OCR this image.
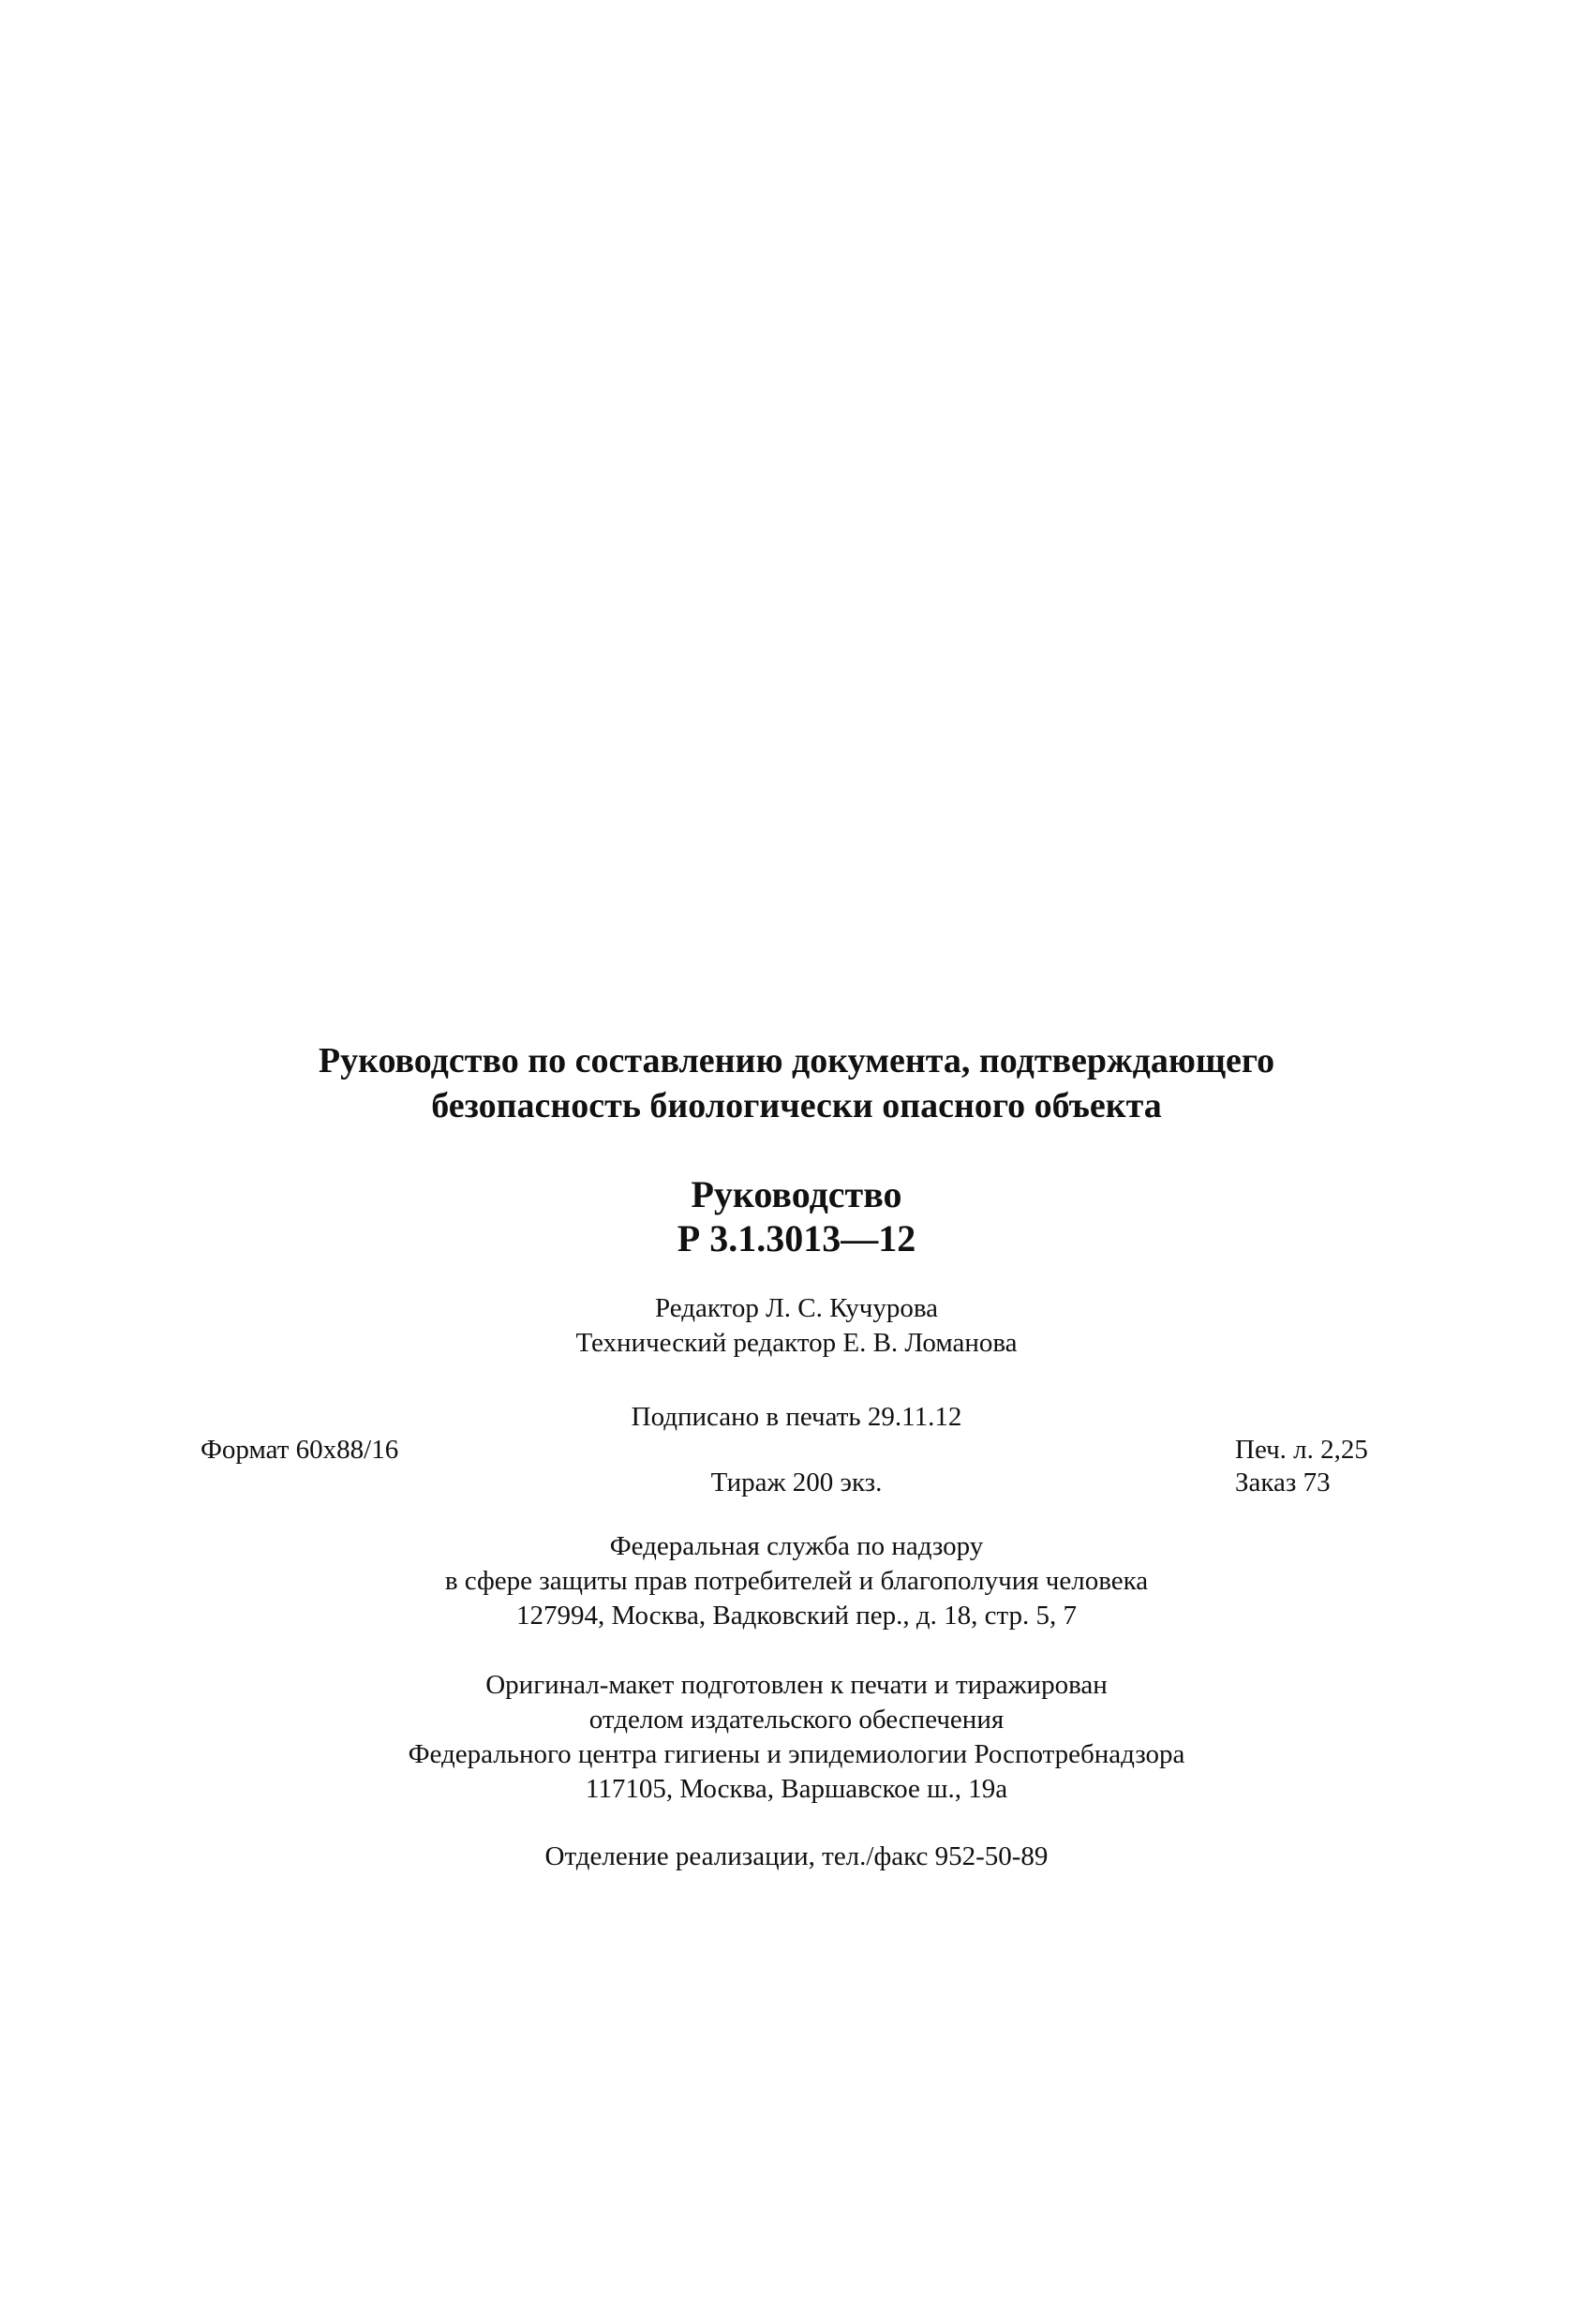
Руководство по составлению документа, подтверждающего
безопасность биологически опасного объекта
Руководство
Р 3.1.3013—12
Редактор Л. С. Кучурова
Технический редактор Е. В. Ломанова
Подписано в печать 29.11.12
Формат 60x88/16	Печ. л. 2,25
Тираж 200 экз.	Заказ 73
Федеральная служба по надзору
в сфере защиты прав потребителей и благополучия человека
127994, Москва, Вадковский пер., д. 18, стр. 5, 7
Оригинал-макет подготовлен к печати и тиражирован
отделом издательского обеспечения
Федерального центра гигиены и эпидемиологии Роспотребнадзора
117105, Москва, Варшавское ш., 19а
Отделение реализации, тел./факс 952-50-89
